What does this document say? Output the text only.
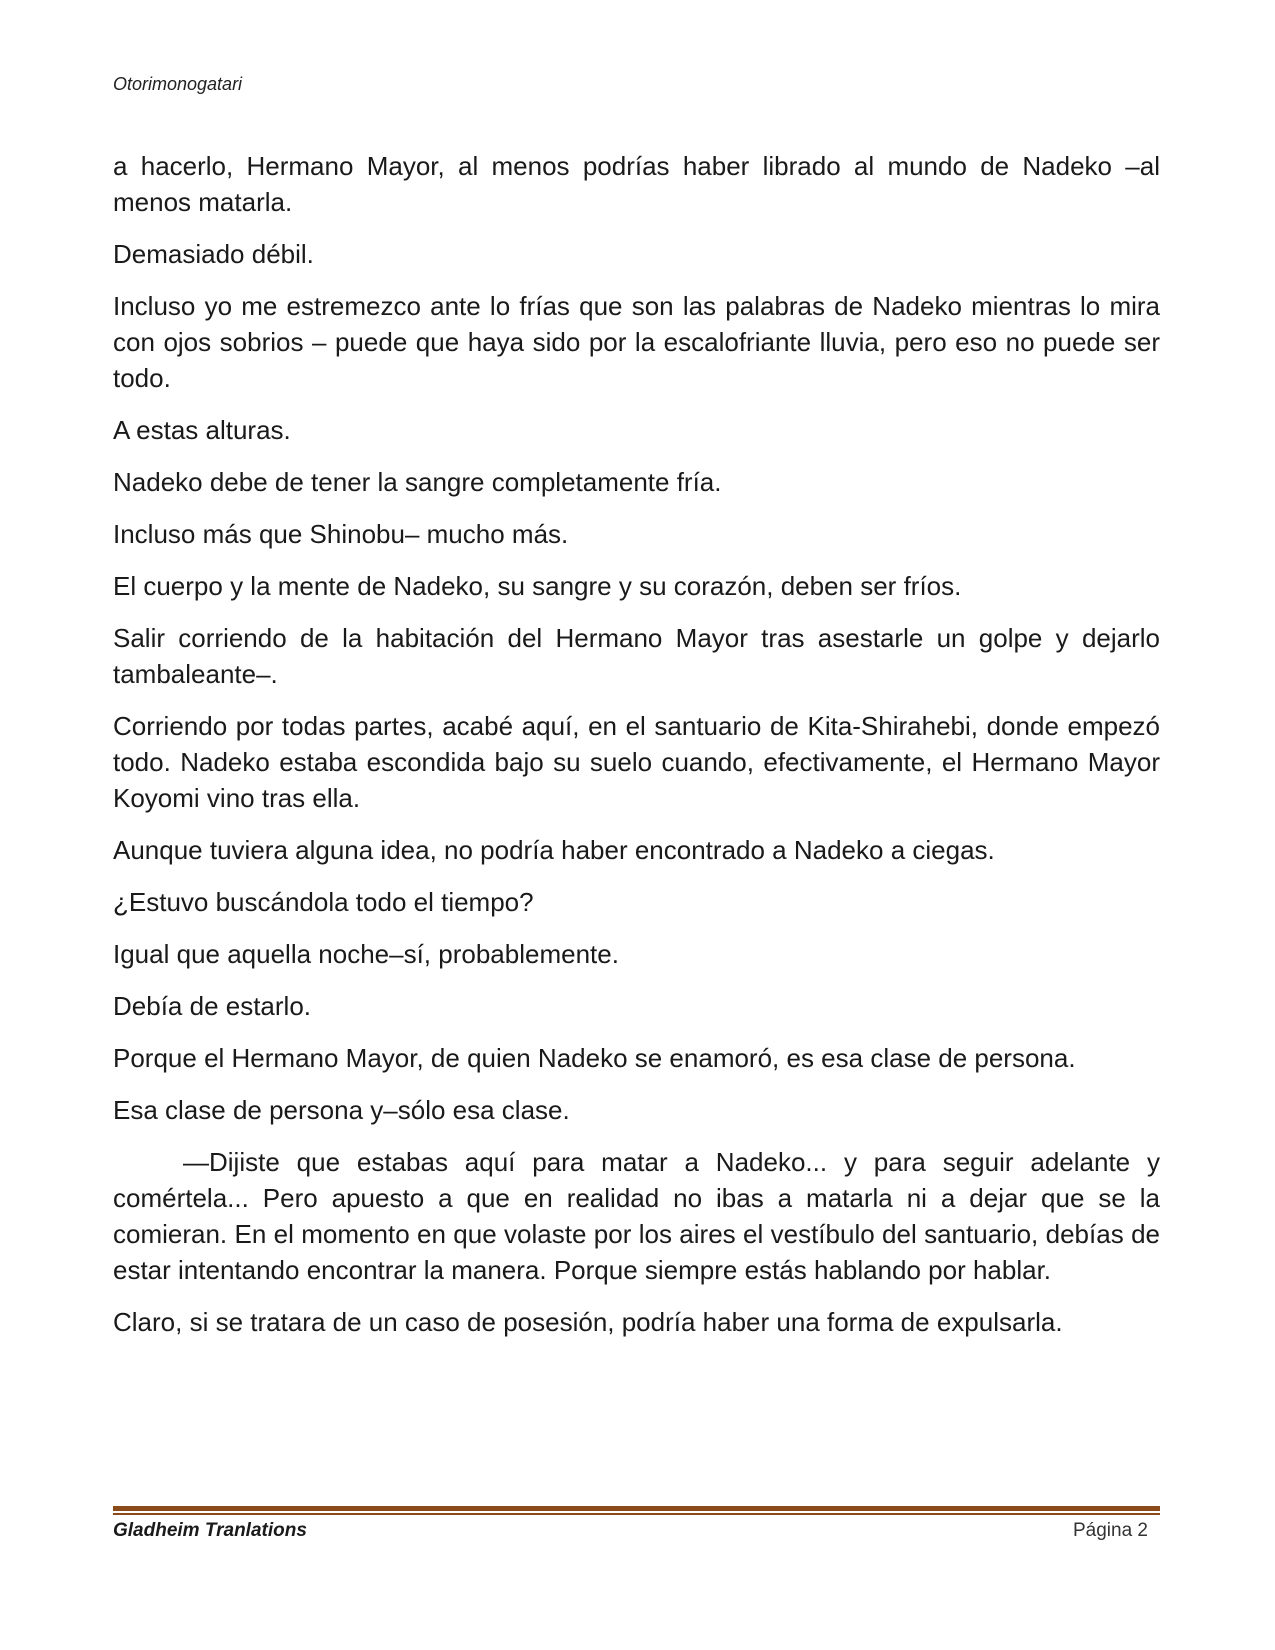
Otorimonogatari

a hacerlo, Hermano Mayor, al menos podrías haber librado al mundo de Nadeko –al menos matarla.

Demasiado débil.

Incluso yo me estremezco ante lo frías que son las palabras de Nadeko mientras lo mira con ojos sobrios – puede que haya sido por la escalofriante lluvia, pero eso no puede ser todo.

A estas alturas.

Nadeko debe de tener la sangre completamente fría.

Incluso más que Shinobu– mucho más.

El cuerpo y la mente de Nadeko, su sangre y su corazón, deben ser fríos.

Salir corriendo de la habitación del Hermano Mayor tras asestarle un golpe y dejarlo tambaleante–.

Corriendo por todas partes, acabé aquí, en el santuario de Kita-Shirahebi, donde empezó todo. Nadeko estaba escondida bajo su suelo cuando, efectivamente, el Hermano Mayor Koyomi vino tras ella.

Aunque tuviera alguna idea, no podría haber encontrado a Nadeko a ciegas.

¿Estuvo buscándola todo el tiempo?

Igual que aquella noche–sí, probablemente.

Debía de estarlo.

Porque el Hermano Mayor, de quien Nadeko se enamoró, es esa clase de persona.

Esa clase de persona y–sólo esa clase.

—Dijiste que estabas aquí para matar a Nadeko... y para seguir adelante y comértela... Pero apuesto a que en realidad no ibas a matarla ni a dejar que se la comieran. En el momento en que volaste por los aires el vestíbulo del santuario, debías de estar intentando encontrar la manera. Porque siempre estás hablando por hablar.

Claro, si se tratara de un caso de posesión, podría haber una forma de expulsarla.

Gladheim Tranlations	Página 2
